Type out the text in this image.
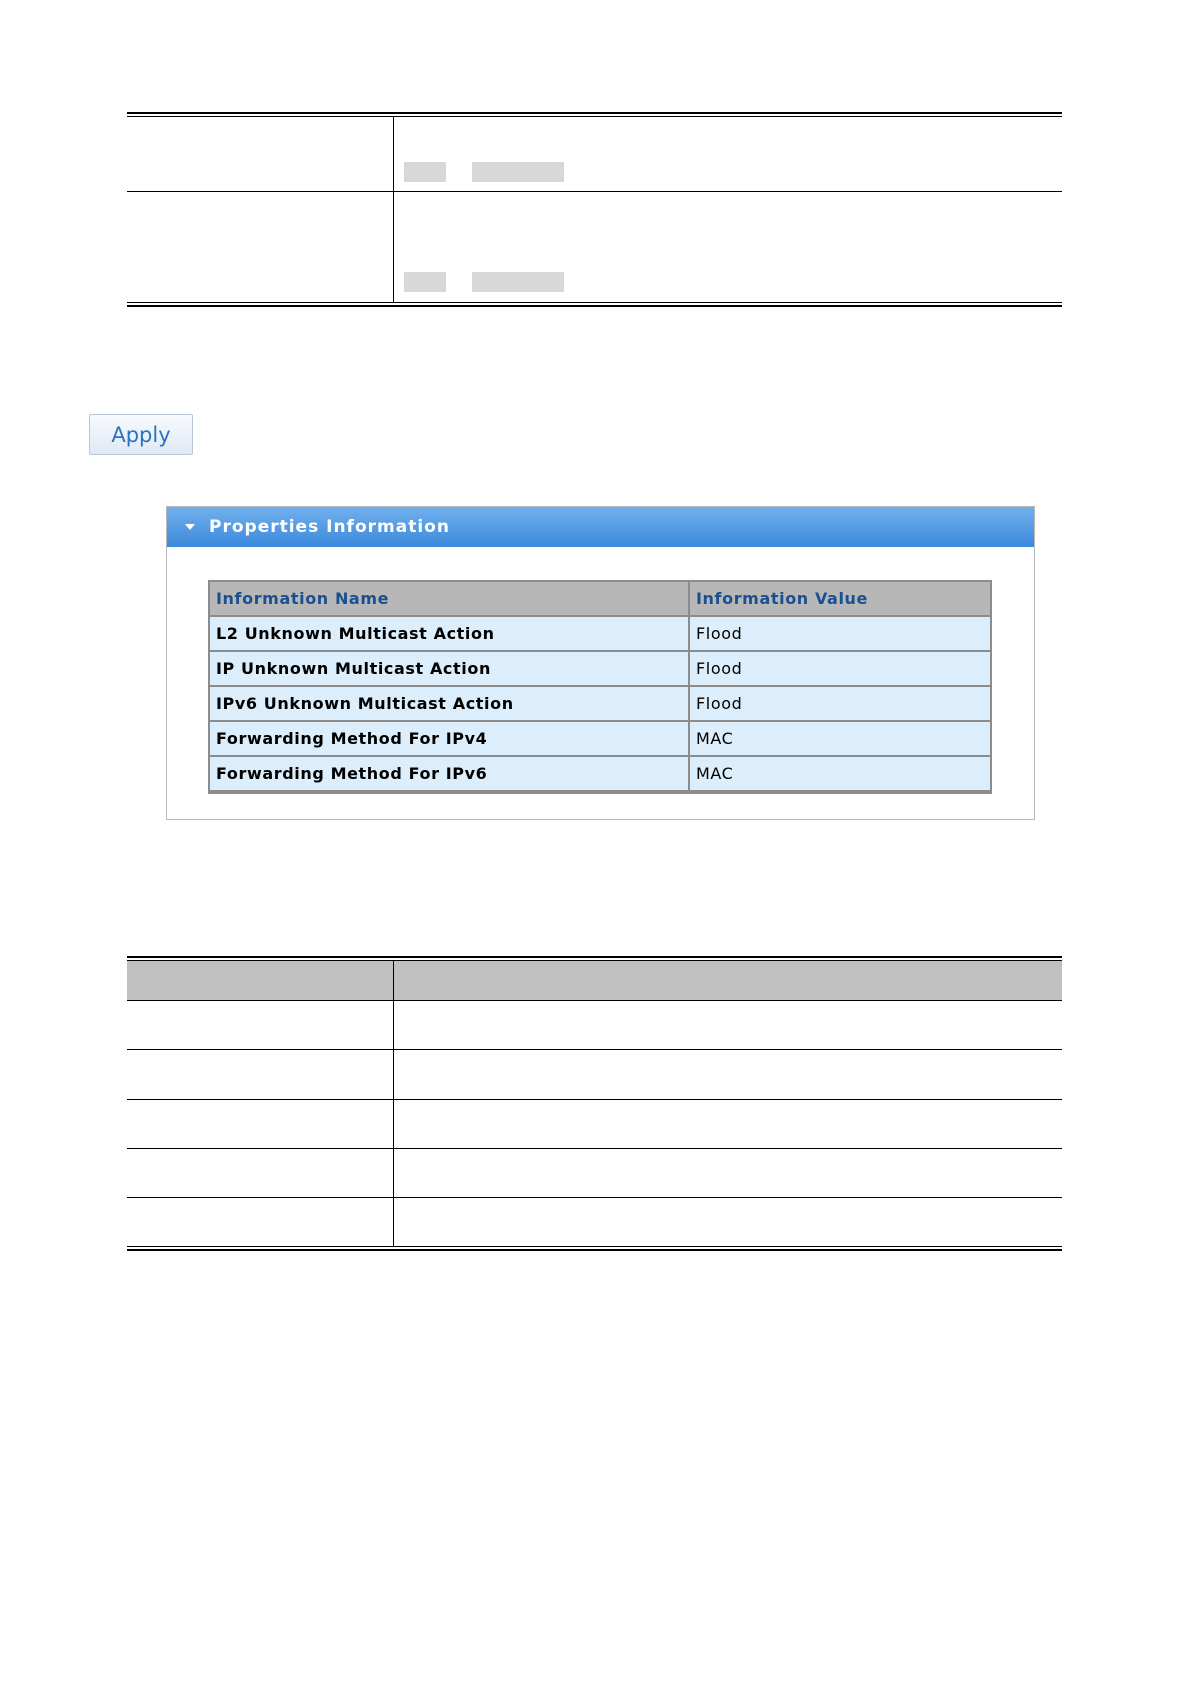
Apply
Properties Information
Information Name	Information Value
L2 Unknown Multicast Action	Flood
IP Unknown Multicast Action	Flood
IPv6 Unknown Multicast Action	Flood
Forwarding Method For IPv4	MAC
Forwarding Method For IPv6	MAC
